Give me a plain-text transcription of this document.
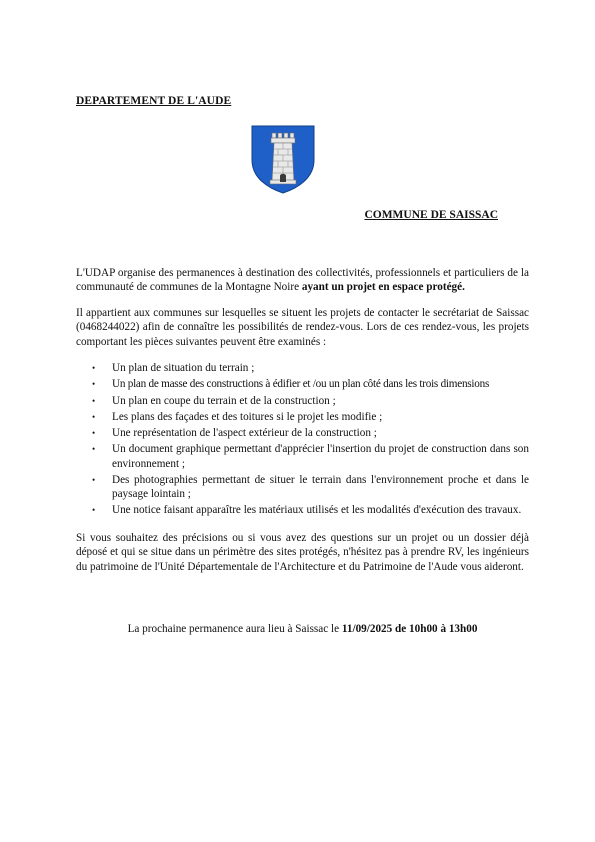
DEPARTEMENT DE L'AUDE
COMMUNE DE SAISSAC

L'UDAP organise des permanences à destination des collectivités, professionnels et particuliers de la communauté de communes de la Montagne Noire ayant un projet en espace protégé.

Il appartient aux communes sur lesquelles se situent les projets de contacter le secrétariat de Saissac (0468244022) afin de connaître les possibilités de rendez-vous. Lors de ces rendez-vous, les projets comportant les pièces suivantes peuvent être examinés :

• Un plan de situation du terrain ;
• Un plan de masse des constructions à édifier et /ou un plan côté dans les trois dimensions
• Un plan en coupe du terrain et de la construction ;
• Les plans des façades et des toitures si le projet les modifie ;
• Une représentation de l'aspect extérieur de la construction ;
• Un document graphique permettant d'apprécier l'insertion du projet de construction dans son environnement ;
• Des photographies permettant de situer le terrain dans l'environnement proche et dans le paysage lointain ;
• Une notice faisant apparaître les matériaux utilisés et les modalités d'exécution des travaux.

Si vous souhaitez des précisions ou si vous avez des questions sur un projet ou un dossier déjà déposé et qui se situe dans un périmètre des sites protégés, n'hésitez pas à prendre RV, les ingénieurs du patrimoine de l'Unité Départementale de l'Architecture et du Patrimoine de l'Aude vous aideront.

La prochaine permanence aura lieu à Saissac le 11/09/2025 de 10h00 à 13h00
